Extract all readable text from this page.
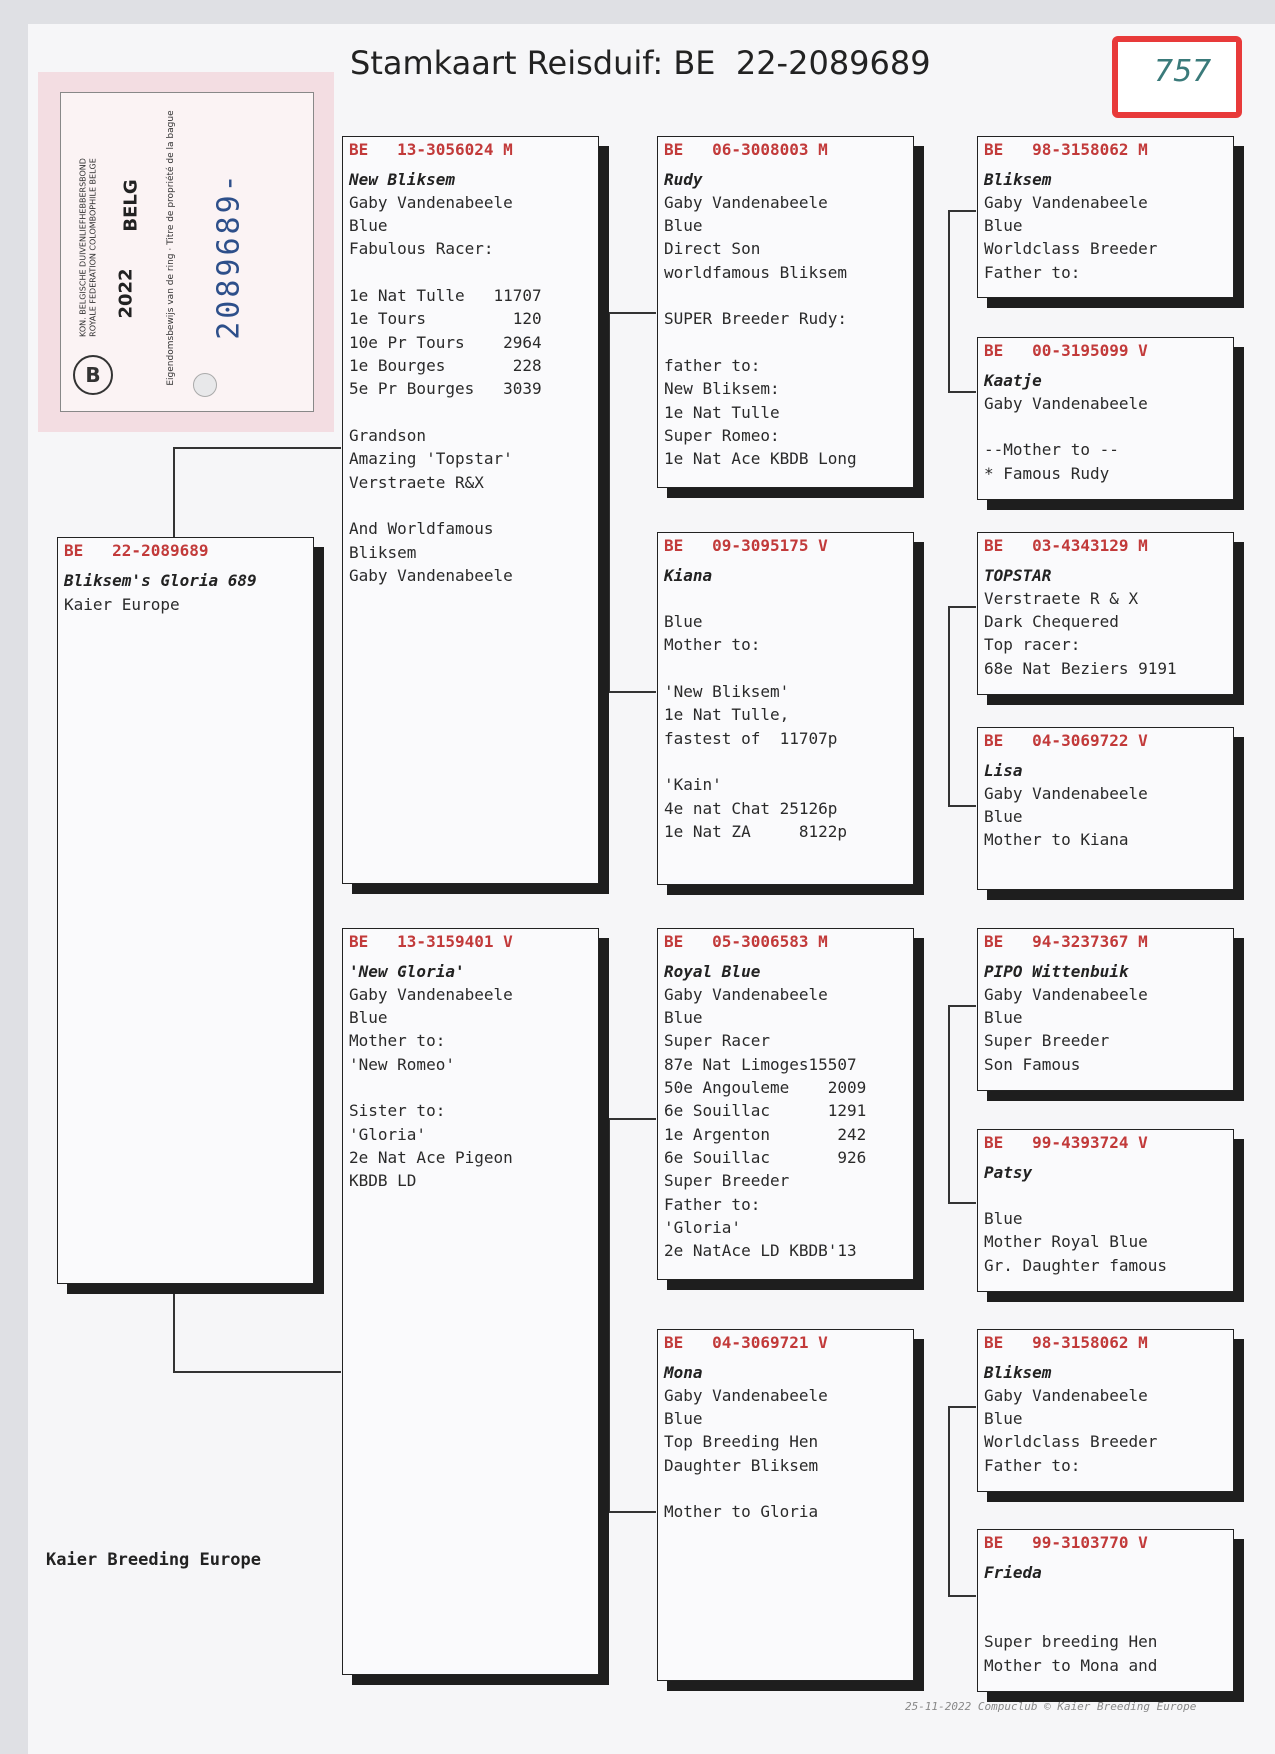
Stamkaart Reisduif: BE  22-2089689	757
B
2022
BELG
KON. BELGISCHE DUIVENLIEFHEBBERSBOND ROYALE FEDERATION COLOMBOPHILE BELGE	Eigendomsbewijs van de ring · Titre de propriété de la bague 2089689-
BE   22-2089689
Bliksem's Gloria 689
Kaier Europe
BE   13-3056024 M
New Bliksem
Gaby Vandenabeele
Blue
Fabulous Racer:
1e Nat Tulle   11707
1e Tours         120
10e Pr Tours    2964
1e Bourges       228
5e Pr Bourges   3039
Grandson
Amazing 'Topstar'
Verstraete R&X
And Worldfamous
Bliksem
Gaby Vandenabeele
BE   13-3159401 V
'New Gloria'
Gaby Vandenabeele
Blue
Mother to:
'New Romeo'
Sister to:
'Gloria'
2e Nat Ace Pigeon
KBDB LD
BE   06-3008003 M
Rudy
Gaby Vandenabeele
Blue
Direct Son
worldfamous Bliksem
SUPER Breeder Rudy:
father to:
New Bliksem:
1e Nat Tulle
Super Romeo:
1e Nat Ace KBDB Long
BE   09-3095175 V
Kiana
Blue
Mother to:
'New Bliksem'
1e Nat Tulle,
fastest of  11707p
'Kain'
4e nat Chat 25126p
1e Nat ZA     8122p
BE   05-3006583 M
Royal Blue
Gaby Vandenabeele
Blue
Super Racer
87e Nat Limoges15507
50e Angouleme    2009
6e Souillac      1291
1e Argenton       242
6e Souillac       926
Super Breeder
Father to:
'Gloria'
2e NatAce LD KBDB'13
BE   04-3069721 V
Mona
Gaby Vandenabeele
Blue
Top Breeding Hen
Daughter Bliksem
Mother to Gloria
BE   98-3158062 M
Bliksem
Gaby Vandenabeele
Blue
Worldclass Breeder
Father to:
BE   00-3195099 V
Kaatje
Gaby Vandenabeele
--Mother to --
* Famous Rudy
BE   03-4343129 M
TOPSTAR
Verstraete R & X
Dark Chequered
Top racer:
68e Nat Beziers 9191
BE   04-3069722 V
Lisa
Gaby Vandenabeele
Blue
Mother to Kiana
BE   94-3237367 M
PIPO Wittenbuik
Gaby Vandenabeele
Blue
Super Breeder
Son Famous
BE   99-4393724 V
Patsy
Blue
Mother Royal Blue
Gr. Daughter famous
BE   98-3158062 M
Bliksem
Gaby Vandenabeele
Blue
Worldclass Breeder
Father to:
BE   99-3103770 V
Frieda
Super breeding Hen
Mother to Mona and
Kaier Breeding Europe
25-11-2022 Compuclub © Kaier Breeding Europe
